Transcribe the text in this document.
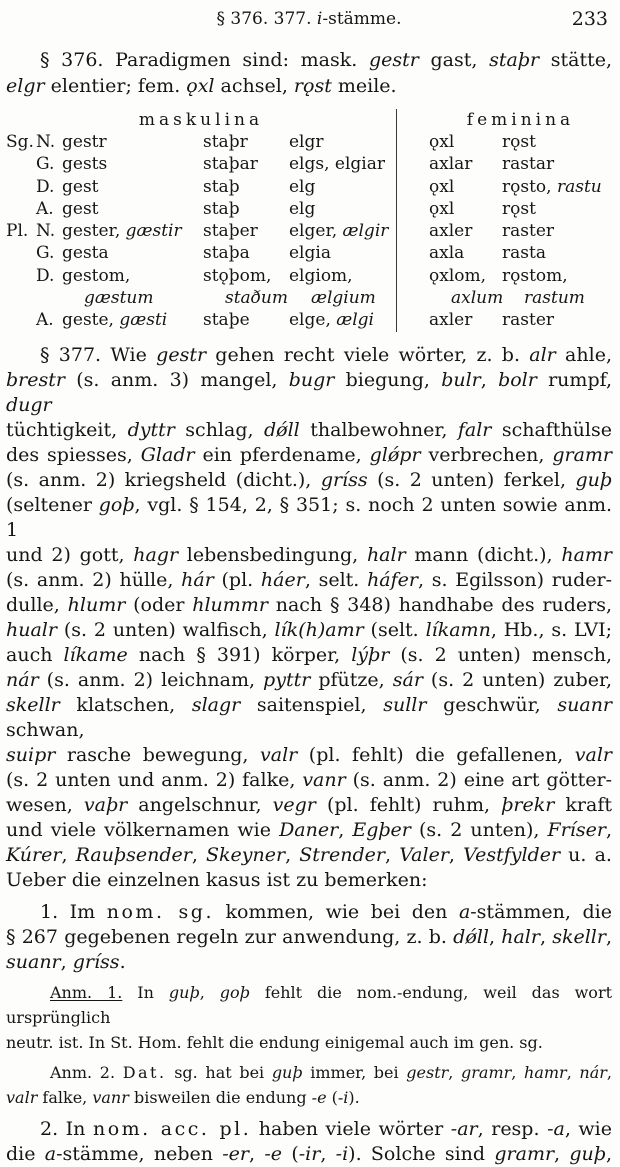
§ 376. 377. i-stämme.	233
§ 376. Paradigmen sind: mask. gestr gast, staþr stätte,
elgr elentier; fem. ǫxl achsel, rǫst meile.
maskulina	feminina
Sg. N. gestr	staþr	elgr	ǫxl	rǫst
G. gests	staþar	elgs, elgiar	axlar	rastar
D. gest	staþ	elg	ǫxl	rǫsto, rastu
A. gest	staþ	elg	ǫxl	rǫst
Pl. N. gester, gæstir	staþer	elger, ælgir	axler	raster
G. gesta	staþa	elgia	axla	rasta
D. gestom,	stǫþom,	elgiom,	ǫxlom, rǫstom,
gæstum	staðum	ælgium	axlum	rastum
A. geste, gæsti	staþe	elge, ælgi	axler	raster
§ 377. Wie gestr gehen recht viele wörter, z. b. alr ahle,
brestr (s. anm. 3) mangel, bugr biegung, bulr, bolr rumpf, dugr
tüchtigkeit, dyttr schlag, dǿll thalbewohner, falr schafthülse
des spiesses, Gladr ein pferdename, glǿpr verbrechen, gramr
(s. anm. 2) kriegsheld (dicht.), gríss (s. 2 unten) ferkel, guþ
(seltener goþ, vgl. § 154, 2, § 351; s. noch 2 unten sowie anm. 1
und 2) gott, hagr lebensbedingung, halr mann (dicht.), hamr
(s. anm. 2) hülle, hár (pl. háer, selt. háfer, s. Egilsson) ruder-
dulle, hlumr (oder hlummr nach § 348) handhabe des ruders,
hualr (s. 2 unten) walfisch, lík(h)amr (selt. líkamn, Hb., s. LVI;
auch líkame nach § 391) körper, lýþr (s. 2 unten) mensch,
nár (s. anm. 2) leichnam, pyttr pfütze, sár (s. 2 unten) zuber,
skellr klatschen, slagr saitenspiel, sullr geschwür, suanr schwan,
suipr rasche bewegung, valr (pl. fehlt) die gefallenen, valr
(s. 2 unten und anm. 2) falke, vanr (s. anm. 2) eine art götter-
wesen, vaþr angelschnur, vegr (pl. fehlt) ruhm, þrekr kraft
und viele völkernamen wie Daner, Egþer (s. 2 unten), Fríser,
Kúrer, Rauþsender, Skeyner, Strender, Valer, Vestfylder u. a.
Ueber die einzelnen kasus ist zu bemerken:
1. Im nom. sg. kommen, wie bei den a-stämmen, die
§ 267 gegebenen regeln zur anwendung, z. b. dǿll, halr, skellr,
suanr, gríss.
Anm. 1. In guþ, goþ fehlt die nom.-endung, weil das wort ursprünglich
neutr. ist. In St. Hom. fehlt die endung einigemal auch im gen. sg.
Anm. 2. Dat. sg. hat bei guþ immer, bei gestr, gramr, hamr, nár,
valr falke, vanr bisweilen die endung -e (-i).
2. In nom. acc. pl. haben viele wörter -ar, resp. -a, wie
die a-stämme, neben -er, -e (-ir, -i). Solche sind gramr, guþ,
